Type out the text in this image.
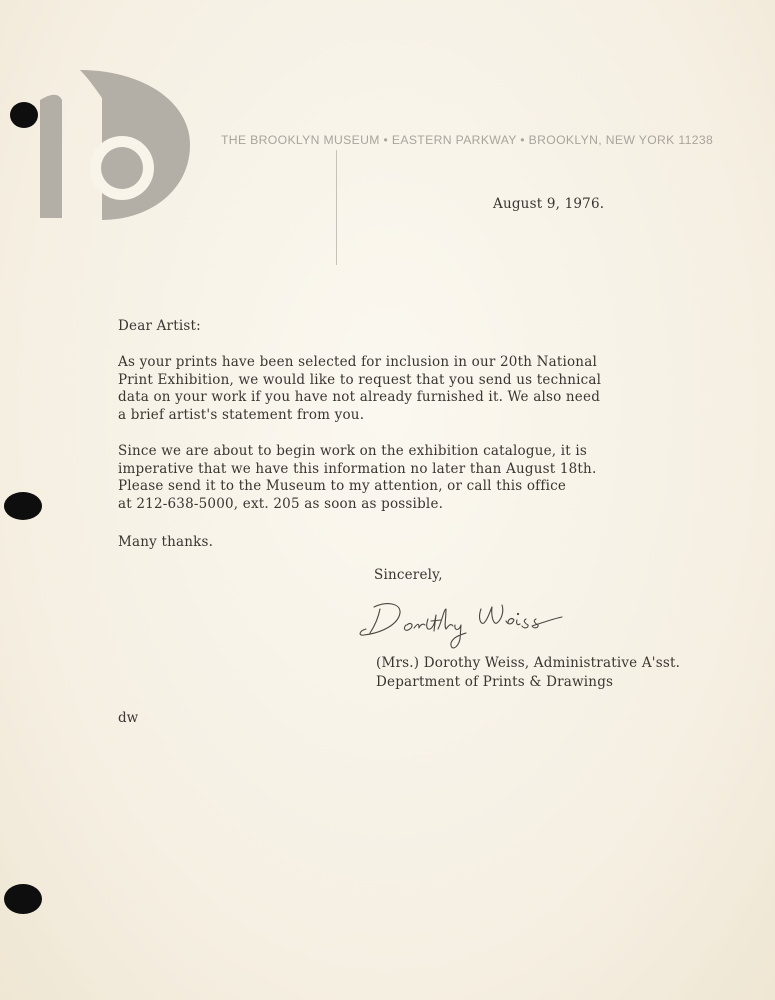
THE BROOKLYN MUSEUM • EASTERN PARKWAY • BROOKLYN, NEW YORK 11238
August 9, 1976.
Dear Artist:
As your prints have been selected for inclusion in our 20th National
Print Exhibition, we would like to request that you send us technical
data on your work if you have not already furnished it. We also need
a brief artist's statement from you.
Since we are about to begin work on the exhibition catalogue, it is
imperative that we have this information no later than August 18th.
Please send it to the Museum to my attention, or call this office
at 212-638-5000, ext. 205 as soon as possible.
Many thanks.
Sincerely,
(Mrs.) Dorothy Weiss, Administrative A'sst.
Department of Prints & Drawings
dw
